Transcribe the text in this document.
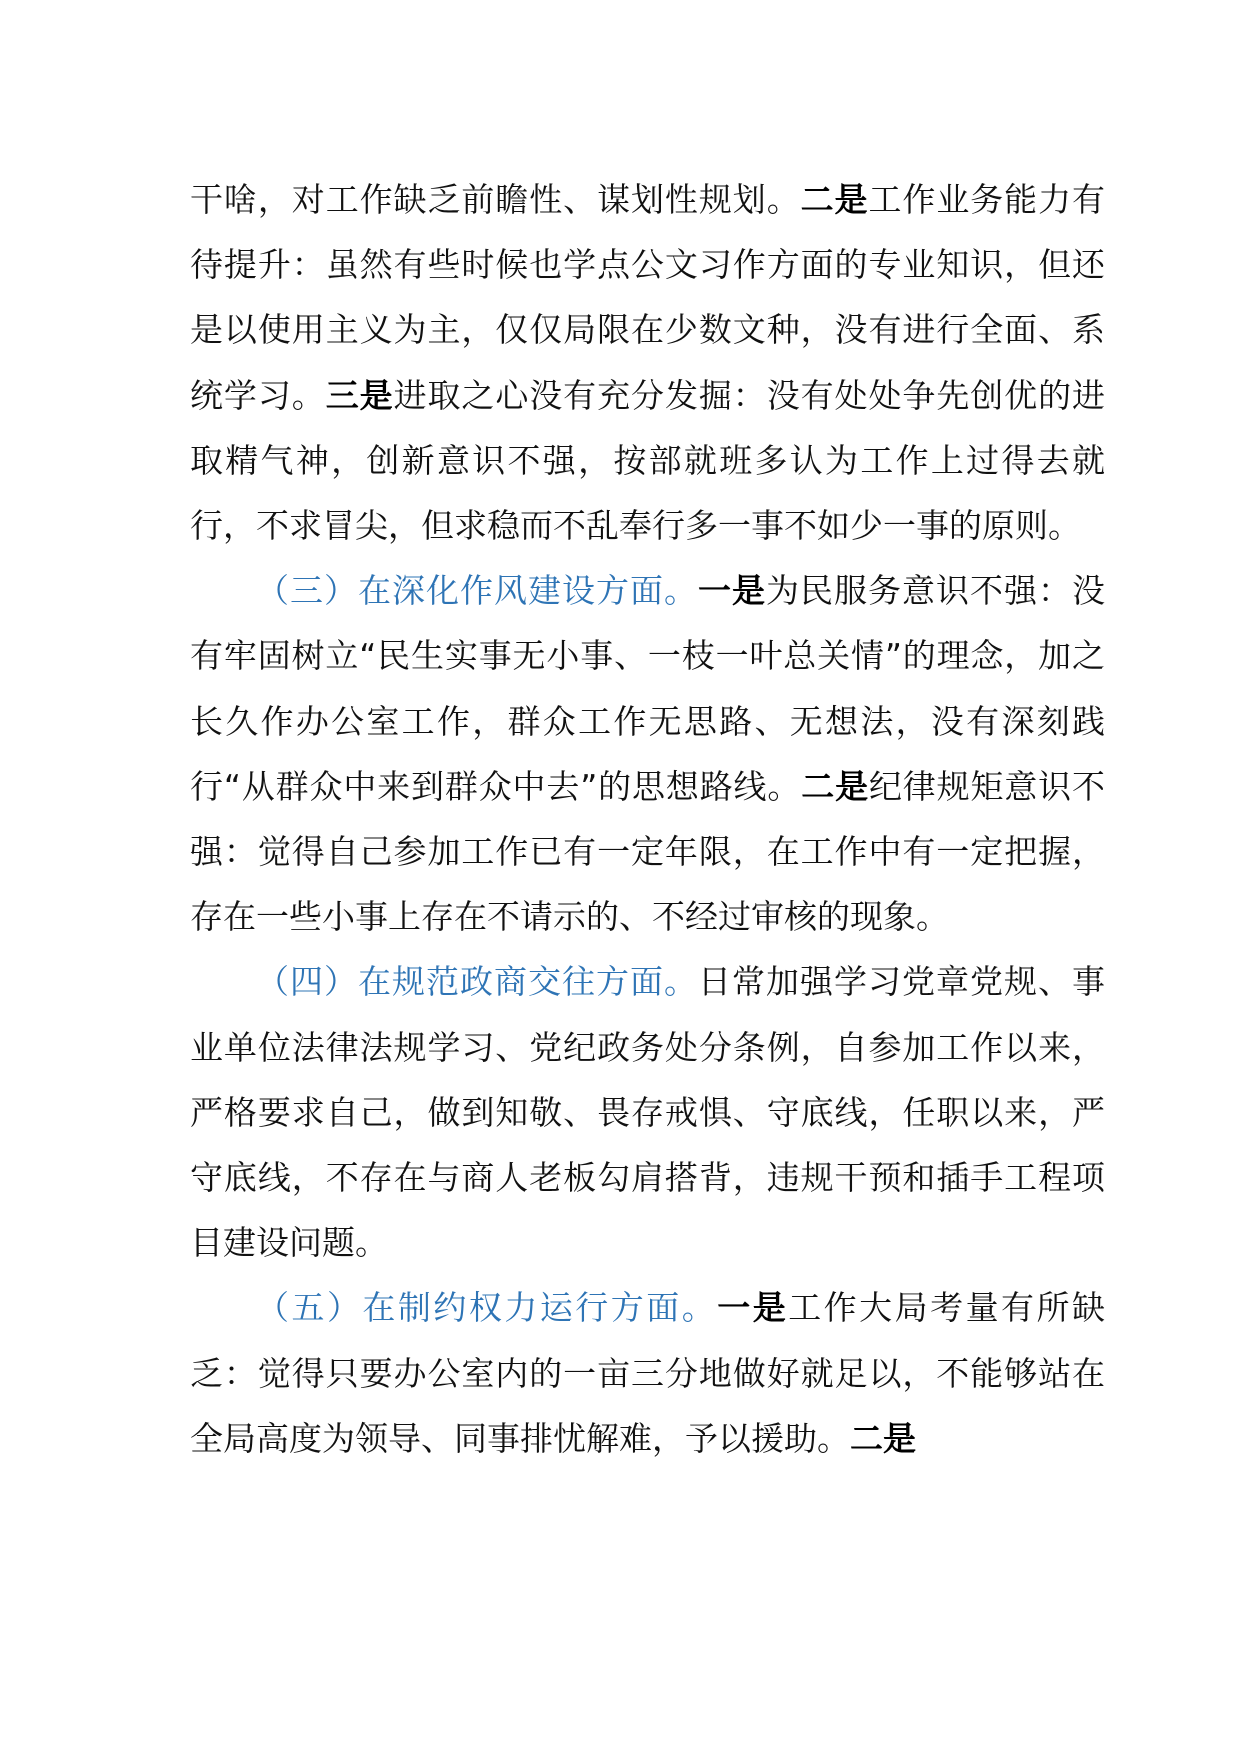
干啥，对工作缺乏前瞻性、谋划性规划。二是工作业务能力有待提升：虽然有些时候也学点公文习作方面的专业知识，但还是以使用主义为主，仅仅局限在少数文种，没有进行全面、系统学习。三是进取之心没有充分发掘：没有处处争先创优的进取精气神，创新意识不强，按部就班多认为工作上过得去就行，不求冒尖，但求稳而不乱奉行多一事不如少一事的原则。

（三）在深化作风建设方面。一是为民服务意识不强：没有牢固树立“民生实事无小事、一枝一叶总关情”的理念，加之长久作办公室工作，群众工作无思路、无想法，没有深刻践行“从群众中来到群众中去”的思想路线。二是纪律规矩意识不强：觉得自己参加工作已有一定年限，在工作中有一定把握，存在一些小事上存在不请示的、不经过审核的现象。

（四）在规范政商交往方面。日常加强学习党章党规、事业单位法律法规学习、党纪政务处分条例，自参加工作以来，严格要求自己，做到知敬、畏存戒惧、守底线，任职以来，严守底线，不存在与商人老板勾肩搭背，违规干预和插手工程项目建设问题。

（五）在制约权力运行方面。一是工作大局考量有所缺乏：觉得只要办公室内的一亩三分地做好就足以，不能够站在全局高度为领导、同事排忧解难，予以援助。二是
